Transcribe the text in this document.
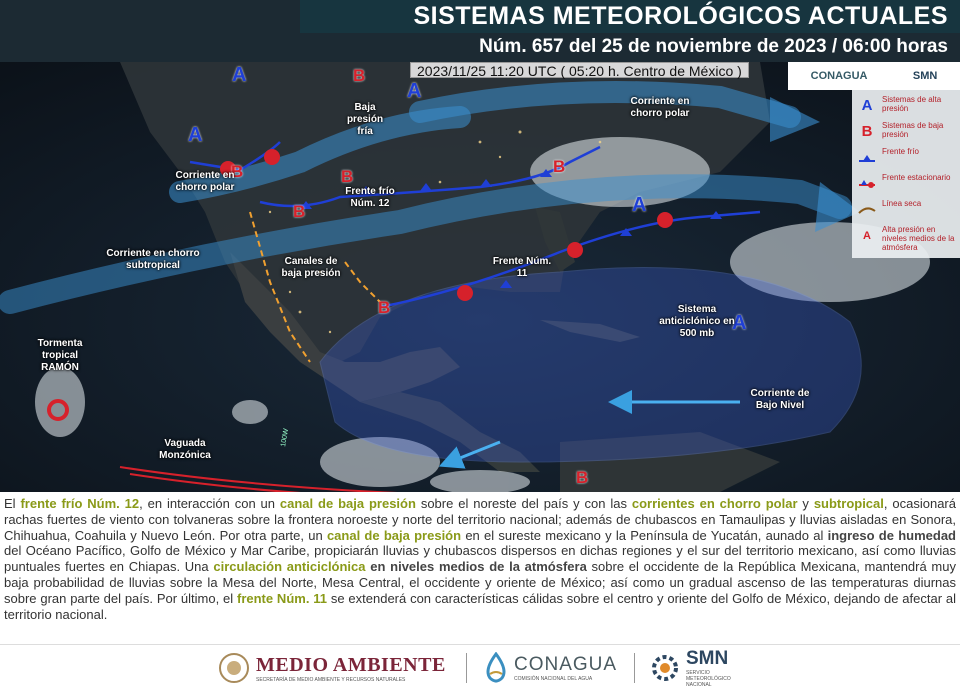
SISTEMAS METEOROLÓGICOS ACTUALES
Núm. 657 del 25 de noviembre de 2023 / 06:00 horas
100W
2023/11/25 11:20 UTC ( 05:20 h. Centro de México )	CONAGUA	SMN
A	Sistemas de alta presión
B	Sistemas de baja presión
Frente frío
Frente estacionario
Línea seca
A
Alta presión en niveles medios de la atmósfera
A
A
A
A
A
B
B
B
B
B
B
B
Baja presión fría
Corriente en chorro polar
Corriente en chorro polar	Frente frío Núm. 12
Corriente en chorro subtropical	Canales de baja presión
Frente Núm. 11
Sistema anticiclónico en 500 mb
Corriente de Bajo Nivel
Tormenta tropical RAMÓN
Vaguada Monzónica

El frente frío Núm. 12, en interacción con un canal de baja presión sobre el noreste del país y con las corrientes en chorro polar y subtropical, ocasionará rachas fuertes de viento con tolvaneras sobre la frontera noroeste y norte del territorio nacional; además de chubascos en Tamaulipas y lluvias aisladas en Sonora, Chihuahua, Coahuila y Nuevo León. Por otra parte, un canal de baja presión en el sureste mexicano y la Península de Yucatán, aunado al ingreso de humedad del Océano Pacífico, Golfo de México y Mar Caribe, propiciarán lluvias y chubascos dispersos en dichas regiones y el sur del territorio mexicano, así como lluvias puntuales fuertes en Chiapas. Una circulación anticiclónica en niveles medios de la atmósfera sobre el occidente de la República Mexicana, mantendrá muy baja probabilidad de lluvias sobre la Mesa del Norte, Mesa Central, el occidente y oriente de México; así como un gradual ascenso de las temperaturas diurnas sobre gran parte del país. Por último, el frente Núm. 11 se extenderá con características cálidas sobre el centro y oriente del Golfo de México, dejando de afectar al territorio nacional.

MEDIO AMBIENTE
SECRETARÍA DE MEDIO AMBIENTE Y RECURSOS NATURALES
CONAGUA
COMISIÓN NACIONAL DEL AGUA
SMN
SERVICIO METEOROLÓGICO NACIONAL
